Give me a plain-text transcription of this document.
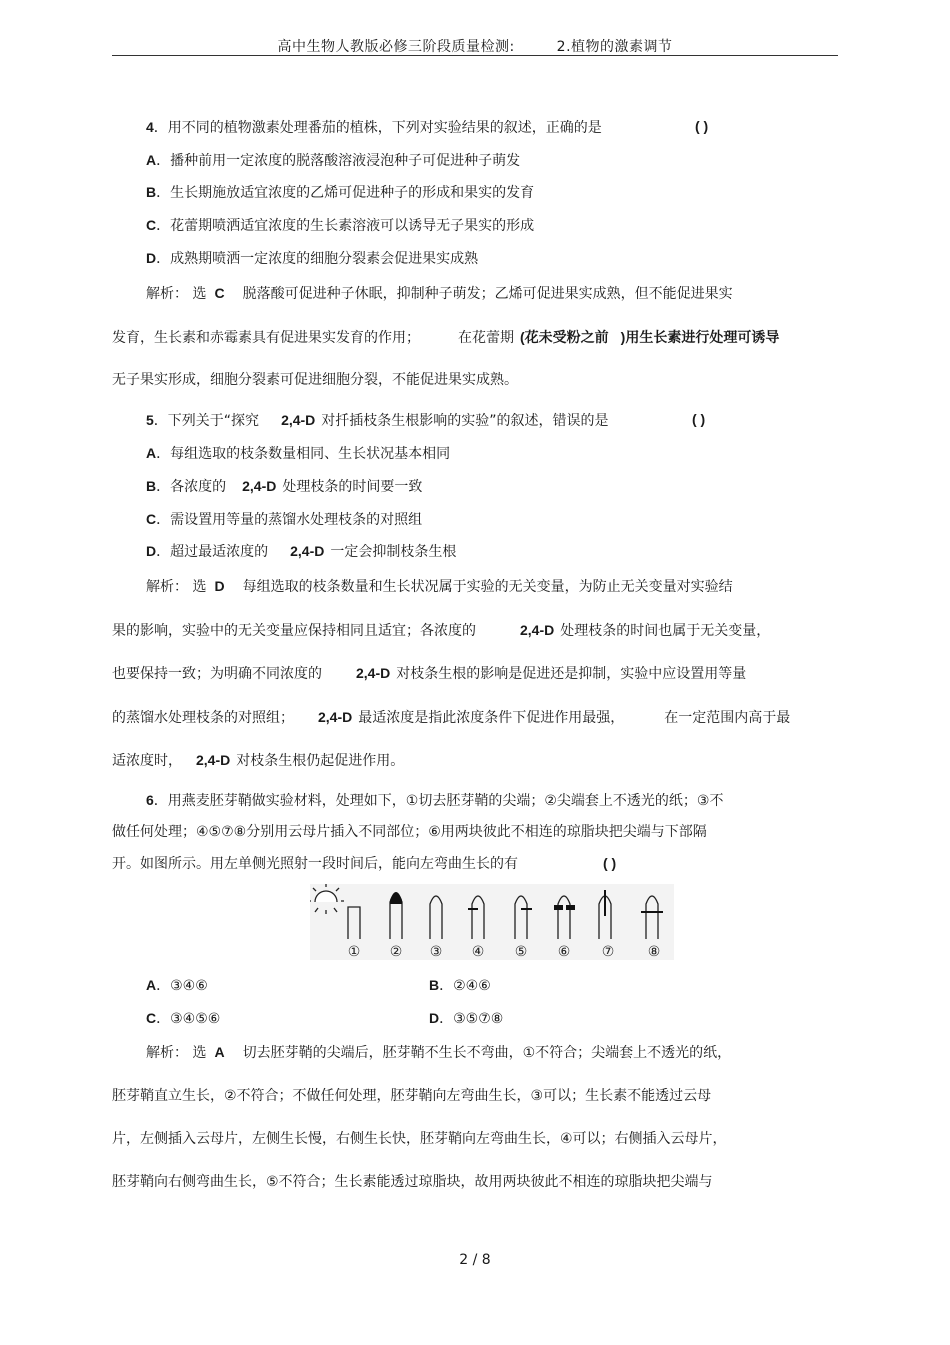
高中生物人教版必修三阶段质量检测:	2.植物的激素调节
4．用不同的植物激素处理番茄的植株，下列对实验结果的叙述，正确的是	( )
A．播种前用一定浓度的脱落酸溶液浸泡种子可促进种子萌发
B．生长期施放适宜浓度的乙烯可促进种子的形成和果实的发育
C．花蕾期喷洒适宜浓度的生长素溶液可以诱导无子果实的形成
D．成熟期喷洒一定浓度的细胞分裂素会促进果实成熟
解析： 选 C 脱落酸可促进种子休眠，抑制种子萌发；乙烯可促进果实成熟，但不能促进果实
发育，生长素和赤霉素具有促进果实发育的作用；	在花蕾期 (花未受粉之前 )用生长素进行处理可诱导
无子果实形成，细胞分裂素可促进细胞分裂，不能促进果实成熟。
5．下列关于“探究 2,4-D 对扦插枝条生根影响的实验”的叙述，错误的是	( )
A．每组选取的枝条数量相同、生长状况基本相同
B．各浓度的 2,4-D 处理枝条的时间要一致
C．需设置用等量的蒸馏水处理枝条的对照组
D．超过最适浓度的 2,4-D 一定会抑制枝条生根
解析： 选 D 每组选取的枝条数量和生长状况属于实验的无关变量，为防止无关变量对实验结
果的影响，实验中的无关变量应保持相同且适宜；各浓度的	2,4-D 处理枝条的时间也属于无关变量，
也要保持一致；为明确不同浓度的 2,4-D 对枝条生根的影响是促进还是抑制，实验中应设置用等量
的蒸馏水处理枝条的对照组； 2,4-D 最适浓度是指此浓度条件下促进作用最强，	在一定范围内高于最
适浓度时， 2,4-D 对枝条生根仍起促进作用。
6．用燕麦胚芽鞘做实验材料，处理如下，①切去胚芽鞘的尖端；②尖端套上不透光的纸；③不
做任何处理；④⑤⑦⑧分别用云母片插入不同部位；⑥用两块彼此不相连的琼脂块把尖端与下部隔
开。如图所示。用左单侧光照射一段时间后，能向左弯曲生长的有	( )
① ② ③ ④ ⑤ ⑥ ⑦ ⑧
A．③④⑥	B．②④⑥
C．③④⑤⑥	D．③⑤⑦⑧
解析： 选 A 切去胚芽鞘的尖端后，胚芽鞘不生长不弯曲，①不符合；尖端套上不透光的纸，
胚芽鞘直立生长，②不符合；不做任何处理，胚芽鞘向左弯曲生长，③可以；生长素不能透过云母
片，左侧插入云母片，左侧生长慢，右侧生长快，胚芽鞘向左弯曲生长，④可以；右侧插入云母片，
胚芽鞘向右侧弯曲生长，⑤不符合；生长素能透过琼脂块，故用两块彼此不相连的琼脂块把尖端与
2 / 8
